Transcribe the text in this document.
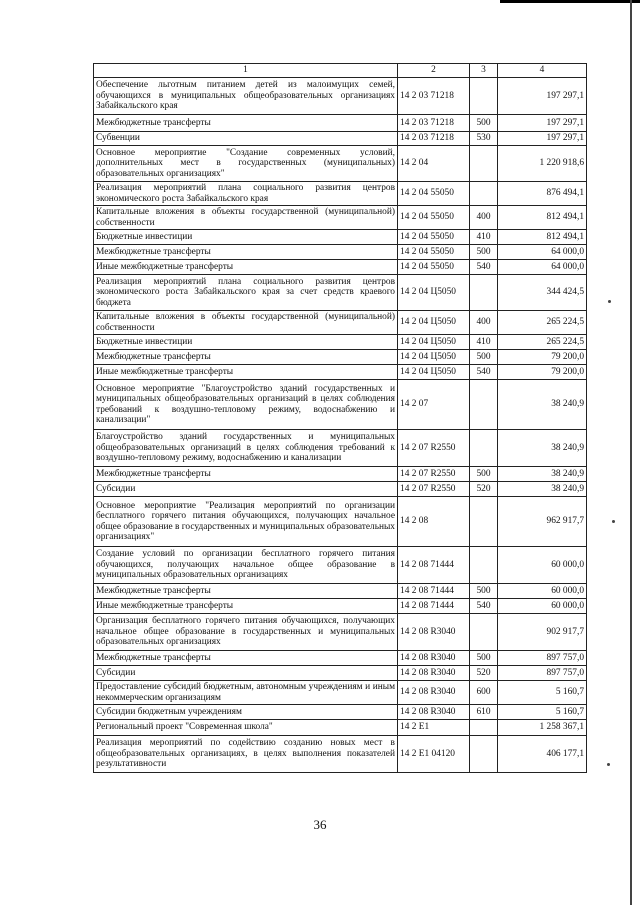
1	2	3	4
Обеспечение льготным питанием детей из малоимущих семей, обучающихся в муниципальных общеобразовательных организациях Забайкальского края	14 2 03 71218		197 297,1
Межбюджетные трансферты	14 2 03 71218	500	197 297,1
Субвенции	14 2 03 71218	530	197 297,1
Основное мероприятие "Создание современных условий, дополнительных мест в государственных (муниципальных) образовательных организациях"	14 2 04		1 220 918,6
Реализация мероприятий плана социального развития центров экономического роста Забайкальского края	14 2 04 55050		876 494,1
Капитальные вложения в объекты государственной (муниципальной) собственности	14 2 04 55050	400	812 494,1
Бюджетные инвестиции	14 2 04 55050	410	812 494,1
Межбюджетные трансферты	14 2 04 55050	500	64 000,0
Иные межбюджетные трансферты	14 2 04 55050	540	64 000,0
Реализация мероприятий плана социального развития центров экономического роста Забайкальского края за счет средств краевого бюджета	14 2 04 Ц5050		344 424,5
Капитальные вложения в объекты государственной (муниципальной) собственности	14 2 04 Ц5050	400	265 224,5
Бюджетные инвестиции	14 2 04 Ц5050	410	265 224,5
Межбюджетные трансферты	14 2 04 Ц5050	500	79 200,0
Иные межбюджетные трансферты	14 2 04 Ц5050	540	79 200,0
Основное мероприятие "Благоустройство зданий государственных и муниципальных общеобразовательных организаций в целях соблюдения требований к воздушно-тепловому режиму, водоснабжению и канализации"	14 2 07		38 240,9
Благоустройство зданий государственных и муниципальных общеобразовательных организаций в целях соблюдения требований к воздушно-тепловому режиму, водоснабжению и канализации	14 2 07 R2550		38 240,9
Межбюджетные трансферты	14 2 07 R2550	500	38 240,9
Субсидии	14 2 07 R2550	520	38 240,9
Основное мероприятие "Реализация мероприятий по организации бесплатного горячего питания обучающихся, получающих начальное общее образование в государственных и муниципальных образовательных организациях"	14 2 08		962 917,7
Создание условий по организации бесплатного горячего питания обучающихся, получающих начальное общее образование в муниципальных образовательных организациях	14 2 08 71444		60 000,0
Межбюджетные трансферты	14 2 08 71444	500	60 000,0
Иные межбюджетные трансферты	14 2 08 71444	540	60 000,0
Организация бесплатного горячего питания обучающихся, получающих начальное общее образование в государственных и муниципальных образовательных организациях	14 2 08 R3040		902 917,7
Межбюджетные трансферты	14 2 08 R3040	500	897 757,0
Субсидии	14 2 08 R3040	520	897 757,0
Предоставление субсидий бюджетным, автономным учреждениям и иным некоммерческим организациям	14 2 08 R3040	600	5 160,7
Субсидии бюджетным учреждениям	14 2 08 R3040	610	5 160,7
Региональный проект "Современная школа"	14 2 E1		1 258 367,1
Реализация мероприятий по содействию созданию новых мест в общеобразовательных организациях, в целях выполнения показателей результативности	14 2 E1 04120		406 177,1
36
